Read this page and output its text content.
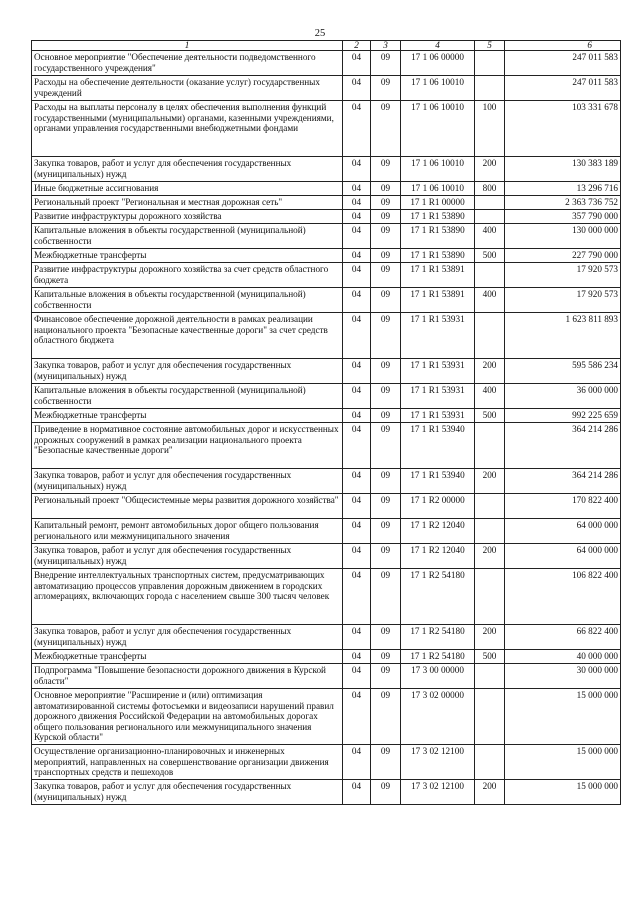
25
1	2	3	4	5	6
Основное мероприятие "Обеспечение деятельности подведомственного государственного учреждения"	04	09	17 1 06 00000		247 011 583
Расходы на обеспечение деятельности (оказание услуг) государственных учреждений	04	09	17 1 06 10010		247 011 583
Расходы на выплаты персоналу в целях обеспечения выполнения функций государственными (муниципальными) органами, казенными учреждениями, органами управления государственными внебюджетными фондами	04	09	17 1 06 10010	100	103 331 678
Закупка товаров, работ и услуг для обеспечения государственных (муниципальных) нужд	04	09	17 1 06 10010	200	130 383 189
Иные бюджетные ассигнования	04	09	17 1 06 10010	800	13 296 716
Региональный проект "Региональная и местная дорожная сеть"	04	09	17 1 R1 00000		2 363 736 752
Развитие инфраструктуры дорожного хозяйства	04	09	17 1 R1 53890		357 790 000
Капитальные вложения в объекты государственной (муниципальной) собственности	04	09	17 1 R1 53890	400	130 000 000
Межбюджетные трансферты	04	09	17 1 R1 53890	500	227 790 000
Развитие инфраструктуры дорожного хозяйства за счет средств областного бюджета	04	09	17 1 R1 53891		17 920 573
Капитальные вложения в объекты государственной (муниципальной) собственности	04	09	17 1 R1 53891	400	17 920 573
Финансовое обеспечение дорожной деятельности в рамках реализации национального проекта "Безопасные качественные дороги" за счет средств областного бюджета	04	09	17 1 R1 53931		1 623 811 893
Закупка товаров, работ и услуг для обеспечения государственных (муниципальных) нужд	04	09	17 1 R1 53931	200	595 586 234
Капитальные вложения в объекты государственной (муниципальной) собственности	04	09	17 1 R1 53931	400	36 000 000
Межбюджетные трансферты	04	09	17 1 R1 53931	500	992 225 659
Приведение в нормативное состояние автомобильных дорог и искусственных дорожных сооружений в рамках реализации национального проекта "Безопасные качественные дороги"	04	09	17 1 R1 53940		364 214 286
Закупка товаров, работ и услуг для обеспечения государственных (муниципальных) нужд	04	09	17 1 R1 53940	200	364 214 286
Региональный проект "Общесистемные меры развития дорожного хозяйства"	04	09	17 1 R2 00000		170 822 400
Капитальный ремонт, ремонт автомобильных дорог общего пользования регионального или межмуниципального значения	04	09	17 1 R2 12040		64 000 000
Закупка товаров, работ и услуг для обеспечения государственных (муниципальных) нужд	04	09	17 1 R2 12040	200	64 000 000
Внедрение интеллектуальных транспортных систем, предусматривающих автоматизацию процессов управления дорожным движением в городских агломерациях, включающих города с населением свыше 300 тысяч человек	04	09	17 1 R2 54180		106 822 400
Закупка товаров, работ и услуг для обеспечения государственных (муниципальных) нужд	04	09	17 1 R2 54180	200	66 822 400
Межбюджетные трансферты	04	09	17 1 R2 54180	500	40 000 000
Подпрограмма "Повышение безопасности дорожного движения в Курской области"	04	09	17 3 00 00000		30 000 000
Основное мероприятие "Расширение и (или) оптимизация автоматизированной системы фотосъемки и видеозаписи нарушений правил дорожного движения Российской Федерации на автомобильных дорогах общего пользования регионального или межмуниципального значения Курской области"	04	09	17 3 02 00000		15 000 000
Осуществление организационно-планировочных и инженерных мероприятий, направленных на совершенствование организации движения транспортных средств и пешеходов	04	09	17 3 02 12100		15 000 000
Закупка товаров, работ и услуг для обеспечения государственных (муниципальных) нужд	04	09	17 3 02 12100	200	15 000 000
